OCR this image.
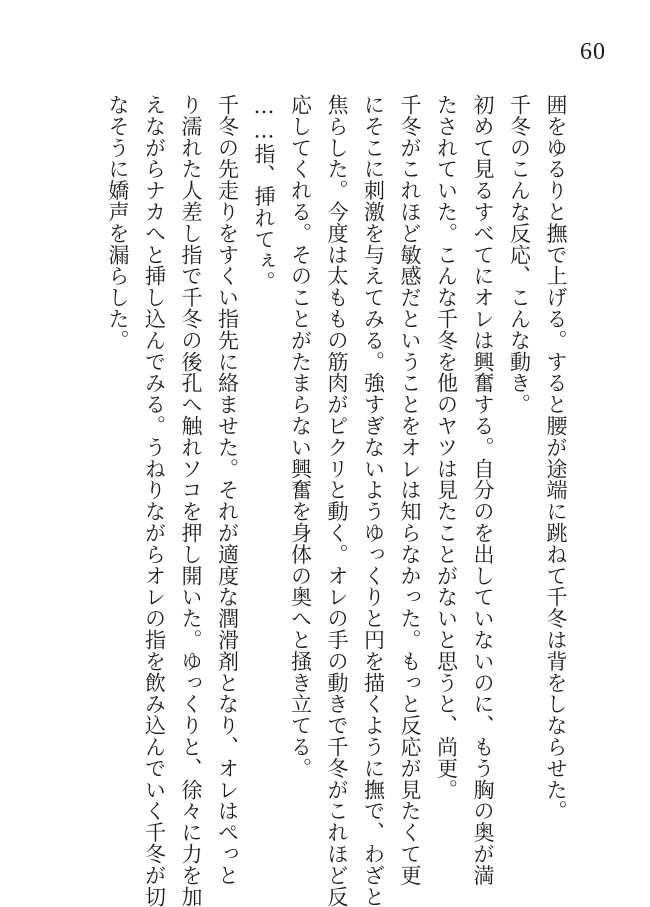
60
囲をゆるりと撫で上げる。すると腰が途端に跳ねて千冬は背をしならせた。
千冬のこんな反応、こんな動き。
初めて見るすべてにオレは興奮する。自分のを出していないのに、もう胸の奥が満
たされていた。こんな千冬を他のヤツは見たことがないと思うと、尚更。
千冬がこれほど敏感だということをオレは知らなかった。もっと反応が見たくて更
にそこに刺激を与えてみる。強すぎないようゆっくりと円を描くように撫で、わざと
焦らした。今度は太ももの筋肉がピクリと動く。オレの手の動きで千冬がこれほど反
応してくれる。そのことがたまらない興奮を身体の奥へと掻き立てる。
……指、挿れてぇ。
千冬の先走りをすくい指先に絡ませた。それが適度な潤滑剤となり、オレはぺっと
り濡れた人差し指で千冬の後孔へ触れソコを押し開いた。ゆっくりと、徐々に力を加
えながらナカへと挿し込んでみる。うねりながらオレの指を飲み込んでいく千冬が切
なそうに嬌声を漏らした。
